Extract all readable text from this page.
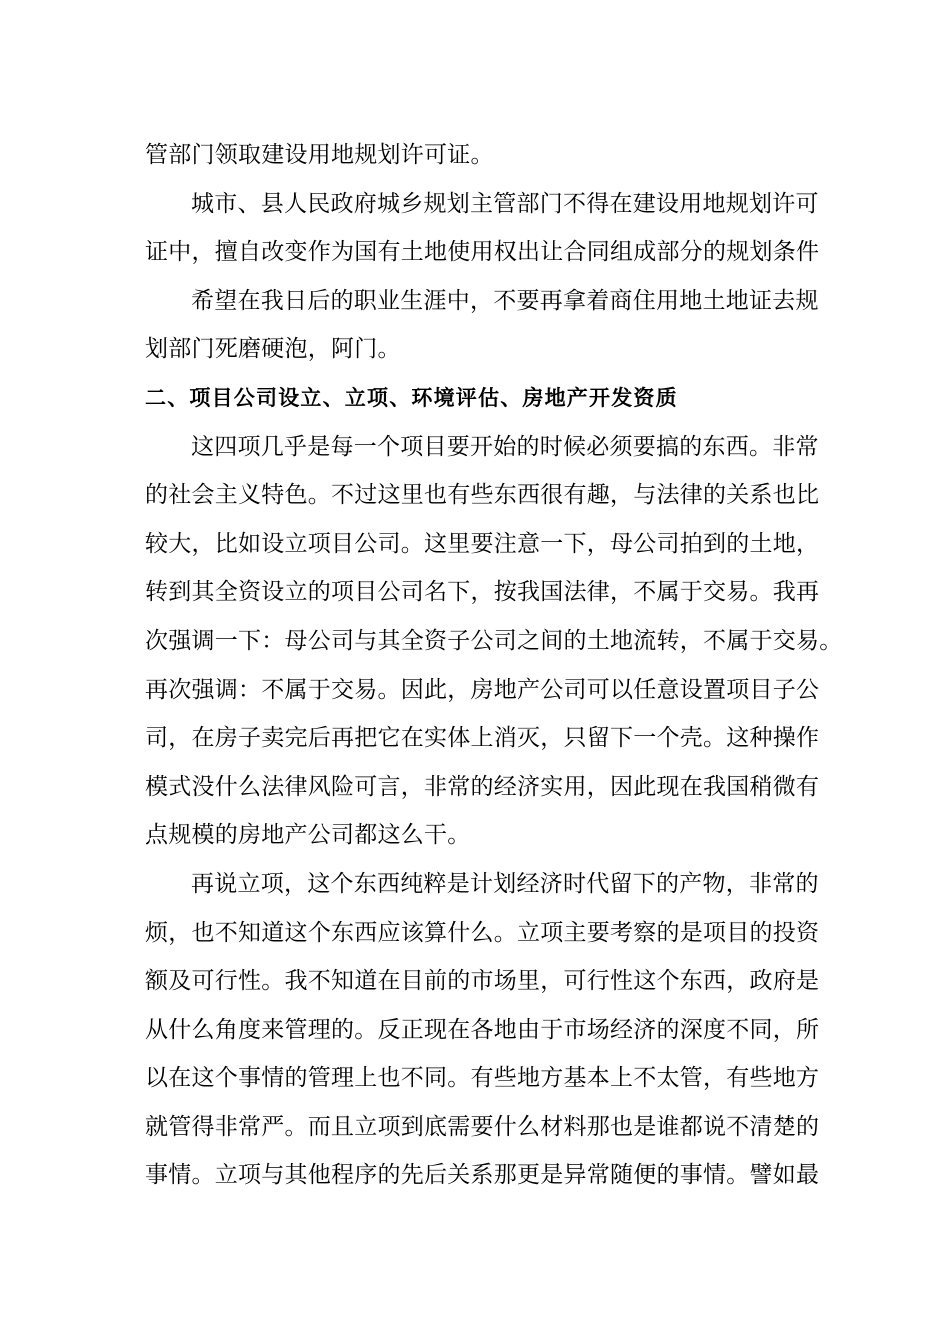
管部门领取建设用地规划许可证。
城市、县人民政府城乡规划主管部门不得在建设用地规划许可
证中，擅自改变作为国有土地使用权出让合同组成部分的规划条件
希望在我日后的职业生涯中，不要再拿着商住用地土地证去规
划部门死磨硬泡，阿门。
二、项目公司设立、立项、环境评估、房地产开发资质
这四项几乎是每一个项目要开始的时候必须要搞的东西。非常
的社会主义特色。不过这里也有些东西很有趣，与法律的关系也比
较大，比如设立项目公司。这里要注意一下，母公司拍到的土地，
转到其全资设立的项目公司名下，按我国法律，不属于交易。我再
次强调一下：母公司与其全资子公司之间的土地流转，不属于交易。
再次强调：不属于交易。因此，房地产公司可以任意设置项目子公
司，在房子卖完后再把它在实体上消灭，只留下一个壳。这种操作
模式没什么法律风险可言，非常的经济实用，因此现在我国稍微有
点规模的房地产公司都这么干。
再说立项，这个东西纯粹是计划经济时代留下的产物，非常的
烦，也不知道这个东西应该算什么。立项主要考察的是项目的投资
额及可行性。我不知道在目前的市场里，可行性这个东西，政府是
从什么角度来管理的。反正现在各地由于市场经济的深度不同，所
以在这个事情的管理上也不同。有些地方基本上不太管，有些地方
就管得非常严。而且立项到底需要什么材料那也是谁都说不清楚的
事情。立项与其他程序的先后关系那更是异常随便的事情。譬如最
